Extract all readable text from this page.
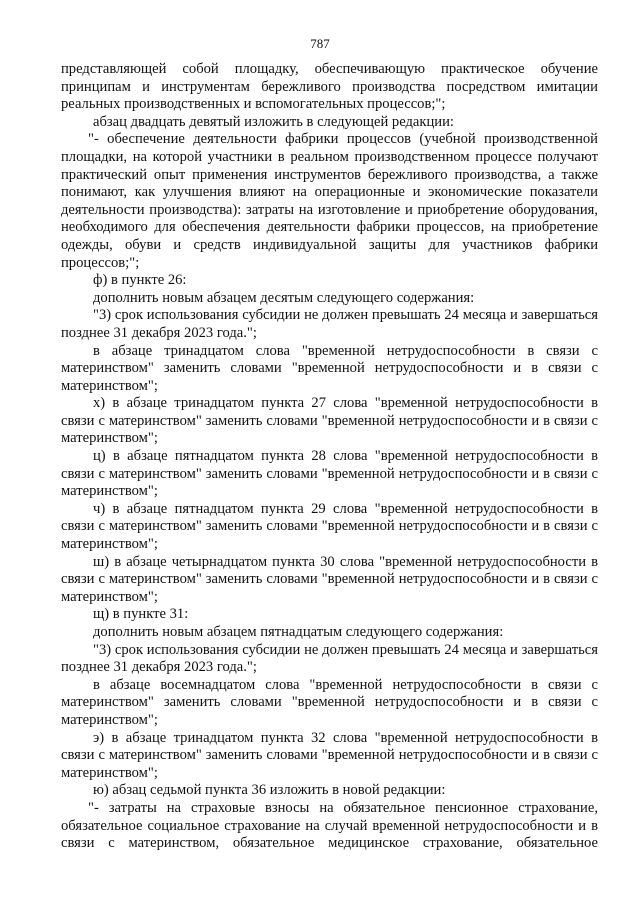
787

представляющей собой площадку, обеспечивающую практическое обучение принципам и инструментам бережливого производства посредством имитации реальных производственных и вспомогательных процессов;";

абзац двадцать девятый изложить в следующей редакции:

"- обеспечение деятельности фабрики процессов (учебной производственной площадки, на которой участники в реальном производственном процессе получают практический опыт применения инструментов бережливого производства, а также понимают, как улучшения влияют на операционные и экономические показатели деятельности производства): затраты на изготовление и приобретение оборудования, необходимого для обеспечения деятельности фабрики процессов, на приобретение одежды, обуви и средств индивидуальной защиты для участников фабрики процессов;";

ф) в пункте 26:

дополнить новым абзацем десятым следующего содержания:

"3) срок использования субсидии не должен превышать 24 месяца и завершаться позднее 31 декабря 2023 года.";

в абзаце тринадцатом слова "временной нетрудоспособности в связи с материнством" заменить словами "временной нетрудоспособности и в связи с материнством";

х) в абзаце тринадцатом пункта 27 слова "временной нетрудоспособности в связи с материнством" заменить словами "временной нетрудоспособности и в связи с материнством";

ц) в абзаце пятнадцатом пункта 28 слова "временной нетрудоспособности в связи с материнством" заменить словами "временной нетрудоспособности и в связи с материнством";

ч) в абзаце пятнадцатом пункта 29 слова "временной нетрудоспособности в связи с материнством" заменить словами "временной нетрудоспособности и в связи с материнством";

ш) в абзаце четырнадцатом пункта 30 слова "временной нетрудоспособности в связи с материнством" заменить словами "временной нетрудоспособности и в связи с материнством";

щ) в пункте 31:

дополнить новым абзацем пятнадцатым следующего содержания:

"3) срок использования субсидии не должен превышать 24 месяца и завершаться позднее 31 декабря 2023 года.";

в абзаце восемнадцатом слова "временной нетрудоспособности в связи с материнством" заменить словами "временной нетрудоспособности и в связи с материнством";

э) в абзаце тринадцатом пункта 32 слова "временной нетрудоспособности в связи с материнством" заменить словами "временной нетрудоспособности и в связи с материнством";

ю) абзац седьмой пункта 36 изложить в новой редакции:

"- затраты на страховые взносы на обязательное пенсионное страхование, обязательное социальное страхование на случай временной нетрудоспособности и в связи с материнством, обязательное медицинское страхование, обязательное
